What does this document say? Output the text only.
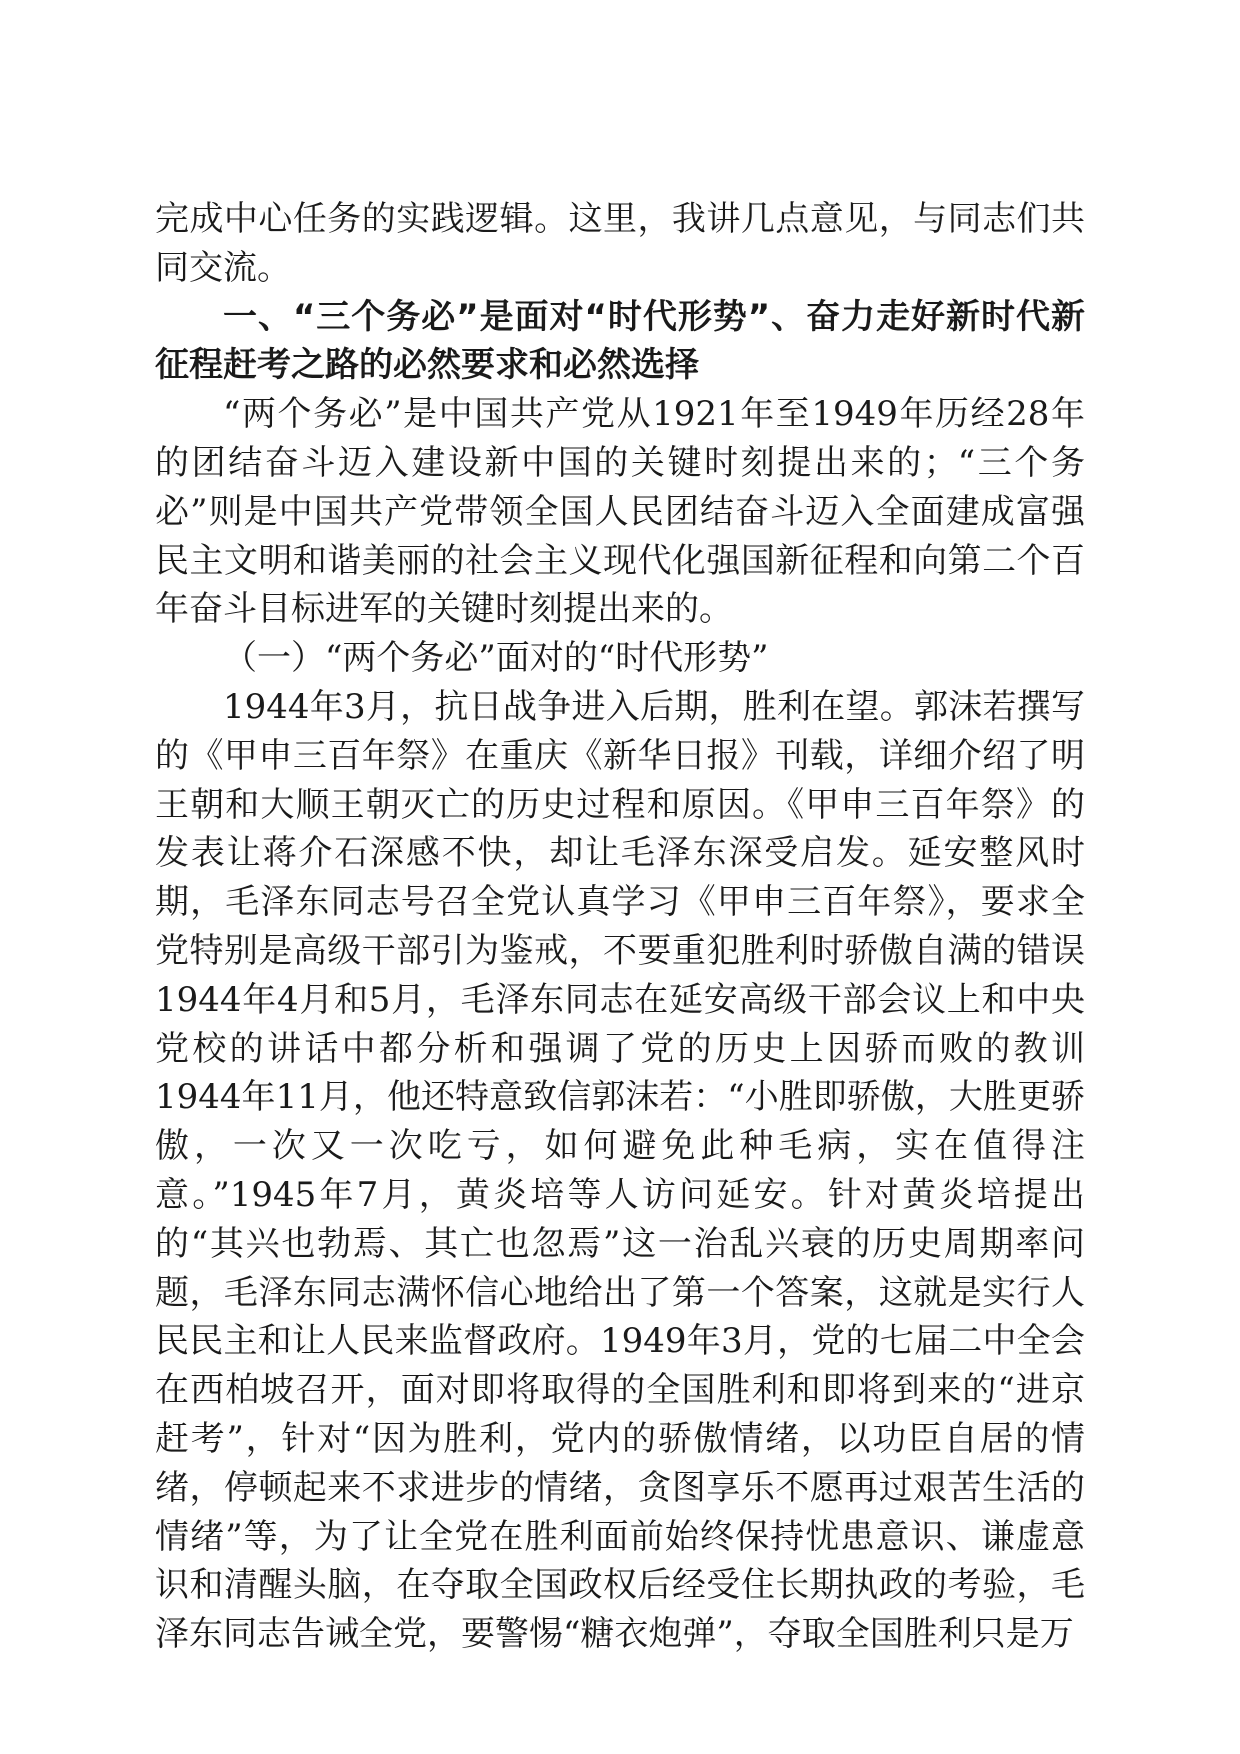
完成中心任务的实践逻辑。这里，我讲几点意见，与同志们共同交流。

一、“三个务必”是面对“时代形势”、奋力走好新时代新征程赶考之路的必然要求和必然选择

“两个务必”是中国共产党从1921年至1949年历经28年的团结奋斗迈入建设新中国的关键时刻提出来的；“三个务必”则是中国共产党带领全国人民团结奋斗迈入全面建成富强民主文明和谐美丽的社会主义现代化强国新征程和向第二个百年奋斗目标进军的关键时刻提出来的。

（一）“两个务必”面对的“时代形势”

1944年3月，抗日战争进入后期，胜利在望。郭沫若撰写的《甲申三百年祭》在重庆《新华日报》刊载，详细介绍了明王朝和大顺王朝灭亡的历史过程和原因。《甲申三百年祭》的发表让蒋介石深感不快，却让毛泽东深受启发。延安整风时期，毛泽东同志号召全党认真学习《甲申三百年祭》，要求全党特别是高级干部引为鉴戒，不要重犯胜利时骄傲自满的错误1944年4月和5月，毛泽东同志在延安高级干部会议上和中央党校的讲话中都分析和强调了党的历史上因骄而败的教训1944年11月，他还特意致信郭沫若：“小胜即骄傲，大胜更骄傲，一次又一次吃亏，如何避免此种毛病，实在值得注意。”1945年7月，黄炎培等人访问延安。针对黄炎培提出的“其兴也勃焉、其亡也忽焉”这一治乱兴衰的历史周期率问题，毛泽东同志满怀信心地给出了第一个答案，这就是实行人民民主和让人民来监督政府。1949年3月，党的七届二中全会在西柏坡召开，面对即将取得的全国胜利和即将到来的“进京赶考”，针对“因为胜利，党内的骄傲情绪，以功臣自居的情绪，停顿起来不求进步的情绪，贪图享乐不愿再过艰苦生活的情绪”等，为了让全党在胜利面前始终保持忧患意识、谦虚意识和清醒头脑，在夺取全国政权后经受住长期执政的考验，毛泽东同志告诫全党，要警惕“糖衣炮弹”，夺取全国胜利只是万
